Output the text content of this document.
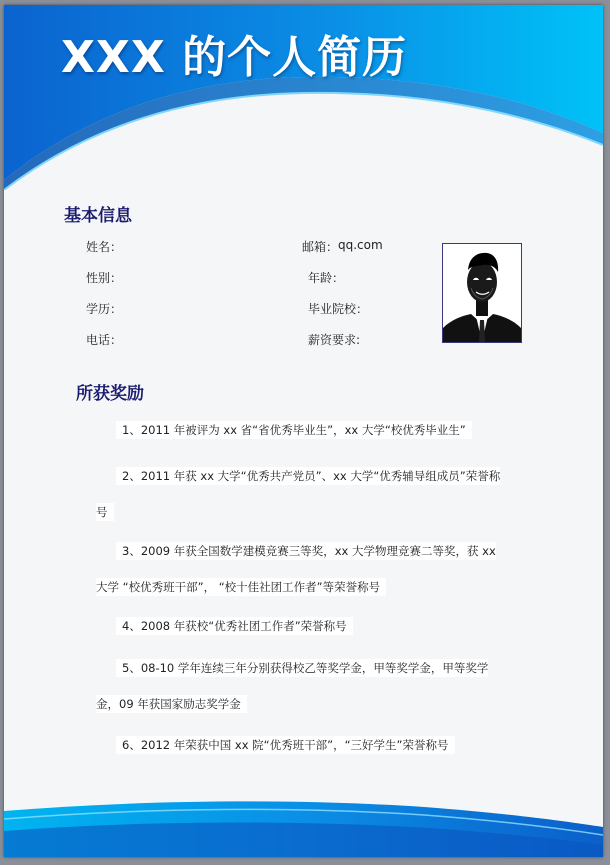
XXX 的个人简历
基本信息
姓名：	邮箱： qq.com
性别：	年龄：
学历：	毕业院校：
电话：	薪资要求:
所获奖励
1、2011 年被评为 xx 省“省优秀毕业生”，xx 大学“校优秀毕业生”
2、2011 年获 xx 大学“优秀共产党员”、xx 大学“优秀辅导组成员”荣誉称号
3、2009 年获全国数学建模竞赛三等奖，xx 大学物理竞赛二等奖，获 xx 大学 “校优秀班干部”， “校十佳社团工作者”等荣誉称号
4、2008 年获校“优秀社团工作者”荣誉称号
5、08-10 学年连续三年分别获得校乙等奖学金，甲等奖学金，甲等奖学金，09 年获国家励志奖学金
6、2012 年荣获中国 xx 院“优秀班干部”，“三好学生”荣誉称号
